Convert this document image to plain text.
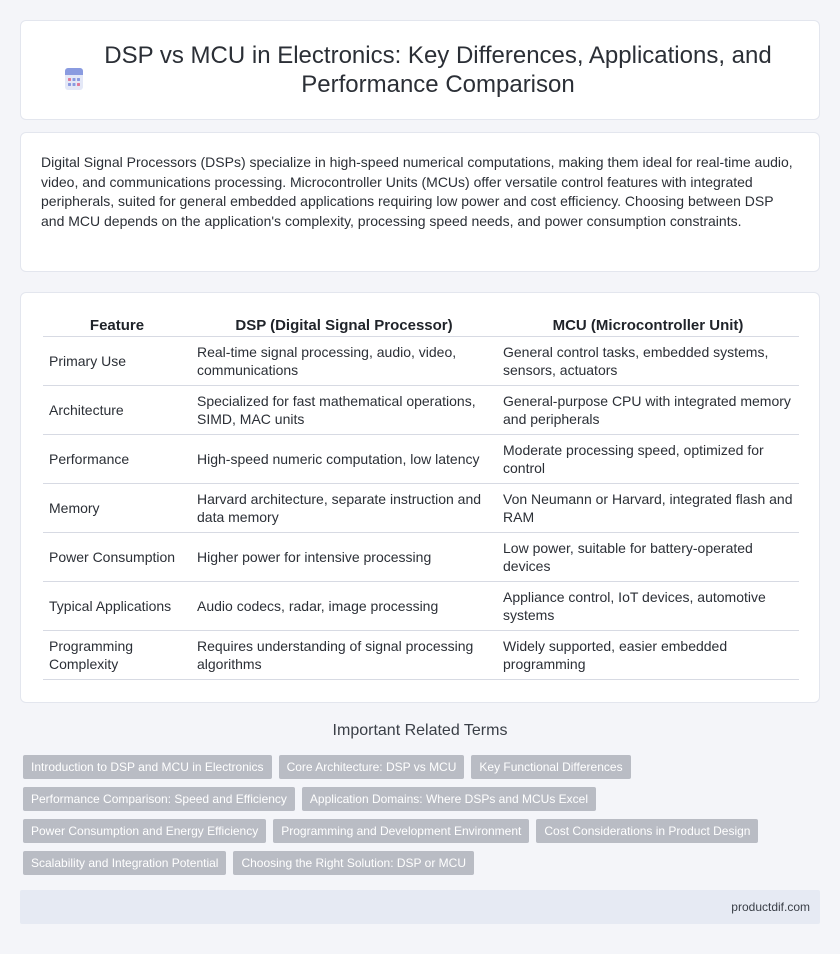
DSP vs MCU in Electronics: Key Differences, Applications, and Performance Comparison

Digital Signal Processors (DSPs) specialize in high-speed numerical computations, making them ideal for real-time audio, video, and communications processing. Microcontroller Units (MCUs) offer versatile control features with integrated peripherals, suited for general embedded applications requiring low power and cost efficiency. Choosing between DSP and MCU depends on the application's complexity, processing speed needs, and power consumption constraints.

Feature	DSP (Digital Signal Processor)	MCU (Microcontroller Unit)
Primary Use	Real-time signal processing, audio, video, communications	General control tasks, embedded systems, sensors, actuators
Architecture	Specialized for fast mathematical operations, SIMD, MAC units	General-purpose CPU with integrated memory and peripherals
Performance	High-speed numeric computation, low latency	Moderate processing speed, optimized for control
Memory	Harvard architecture, separate instruction and data memory	Von Neumann or Harvard, integrated flash and RAM
Power Consumption	Higher power for intensive processing	Low power, suitable for battery-operated devices
Typical Applications	Audio codecs, radar, image processing	Appliance control, IoT devices, automotive systems
Programming Complexity	Requires understanding of signal processing algorithms	Widely supported, easier embedded programming
Important Related Terms
Introduction to DSP and MCU in Electronics	Core Architecture: DSP vs MCU	Key Functional Differences
Performance Comparison: Speed and Efficiency	Application Domains: Where DSPs and MCUs Excel
Power Consumption and Energy Efficiency	Programming and Development Environment	Cost Considerations in Product Design
Scalability and Integration Potential	Choosing the Right Solution: DSP or MCU
productdif.com
